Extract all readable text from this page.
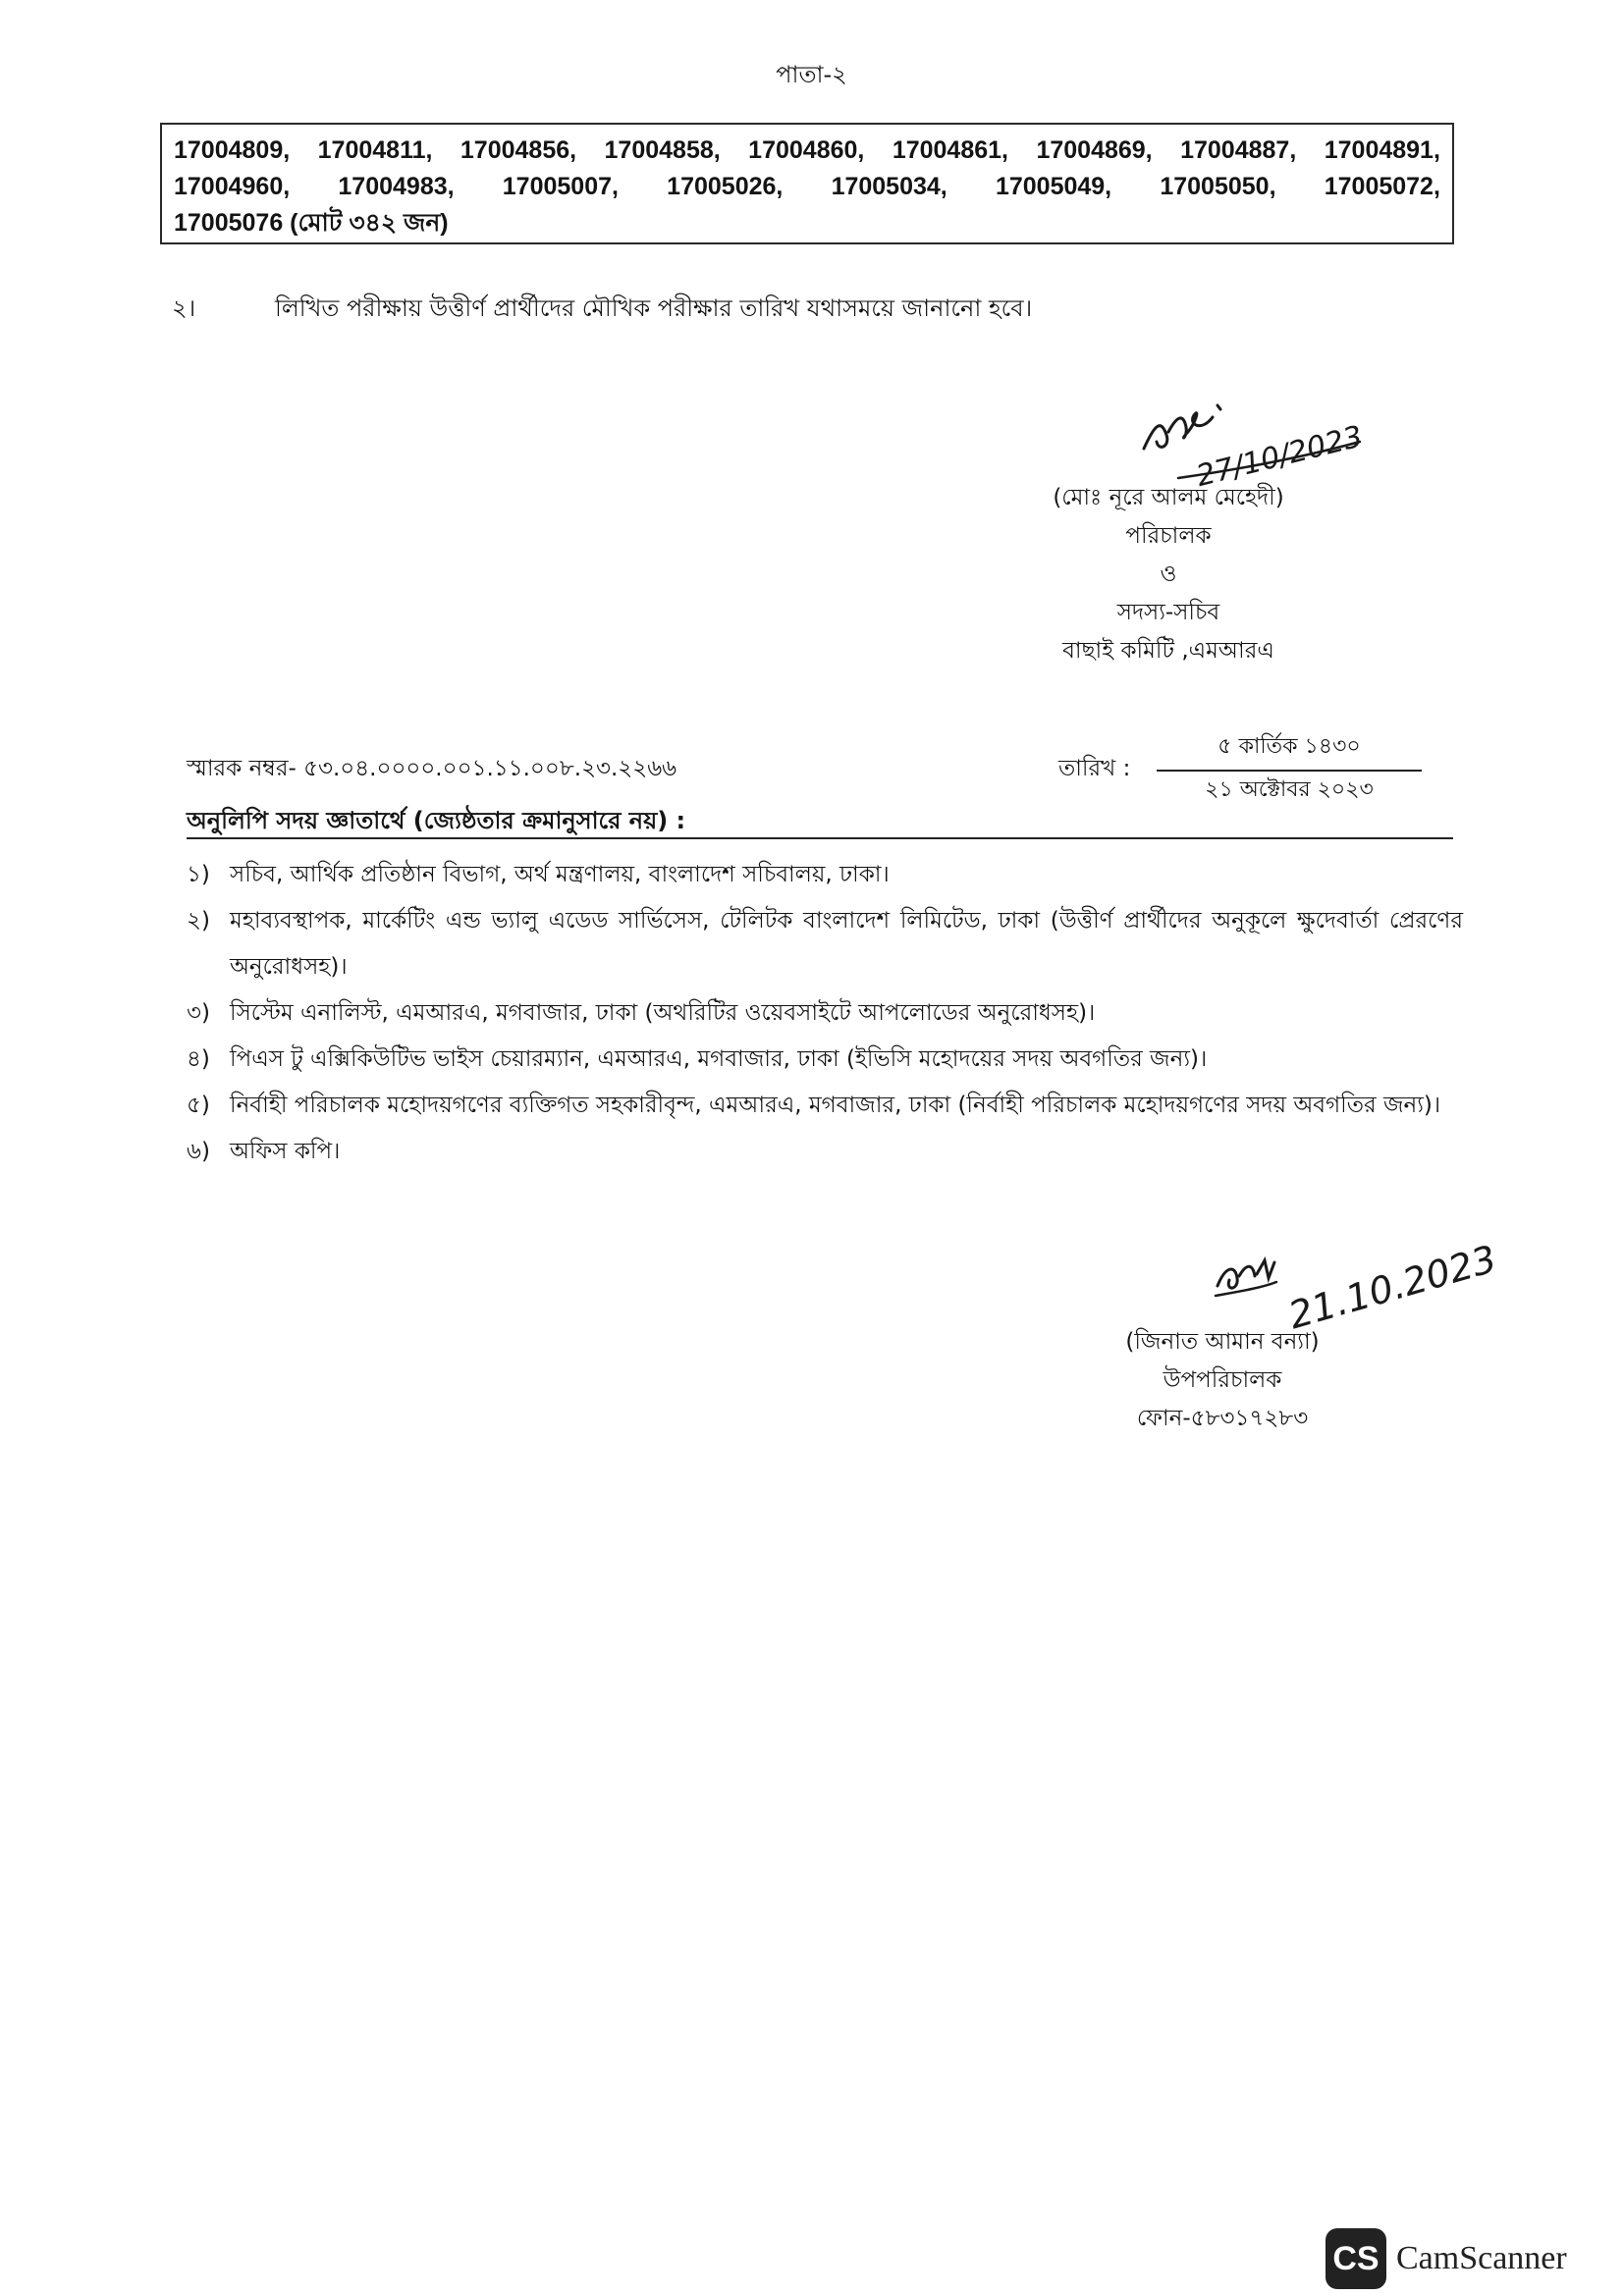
পাতা-২
17004809, 17004811, 17004856, 17004858, 17004860, 17004861, 17004869, 17004887, 17004891,
17004960, 17004983, 17005007, 17005026, 17005034, 17005049, 17005050, 17005072,
17005076 (মোট ৩৪২ জন)
২।	লিখিত পরীক্ষায় উত্তীর্ণ প্রার্থীদের মৌখিক পরীক্ষার তারিখ যথাসময়ে জানানো হবে।
27/10/2023
(মোঃ নূরে আলম মেহেদী)
পরিচালক
ও
সদস্য-সচিব
বাছাই কমিটি ,এমআরএ
স্মারক নম্বর- ৫৩.০৪.০০০০.০০১.১১.০০৮.২৩.২২৬৬	তারিখ :
৫ কার্তিক ১৪৩০
২১ অক্টোবর ২০২৩
অনুলিপি সদয় জ্ঞাতার্থে (জ্যেষ্ঠতার ক্রমানুসারে নয়) :
১) সচিব, আর্থিক প্রতিষ্ঠান বিভাগ, অর্থ মন্ত্রণালয়, বাংলাদেশ সচিবালয়, ঢাকা।
২) মহাব্যবস্থাপক, মার্কেটিং এন্ড ভ্যালু এডেড সার্ভিসেস, টেলিটক বাংলাদেশ লিমিটেড, ঢাকা (উত্তীর্ণ প্রার্থীদের অনুকূলে ক্ষুদেবার্তা প্রেরণের অনুরোধসহ)।
৩) সিস্টেম এনালিস্ট, এমআরএ, মগবাজার, ঢাকা (অথরিটির ওয়েবসাইটে আপলোডের অনুরোধসহ)।
৪) পিএস টু এক্সিকিউটিভ ভাইস চেয়ারম্যান, এমআরএ, মগবাজার, ঢাকা (ইভিসি মহোদয়ের সদয় অবগতির জন্য)।
৫) নির্বাহী পরিচালক মহোদয়গণের ব্যক্তিগত সহকারীবৃন্দ, এমআরএ, মগবাজার, ঢাকা (নির্বাহী পরিচালক মহোদয়গণের সদয় অবগতির জন্য)।
৬) অফিস কপি।
21.10.2023
(জিনাত আমান বন্যা)
উপপরিচালক
ফোন-৫৮৩১৭২৮৩
CS CamScanner
